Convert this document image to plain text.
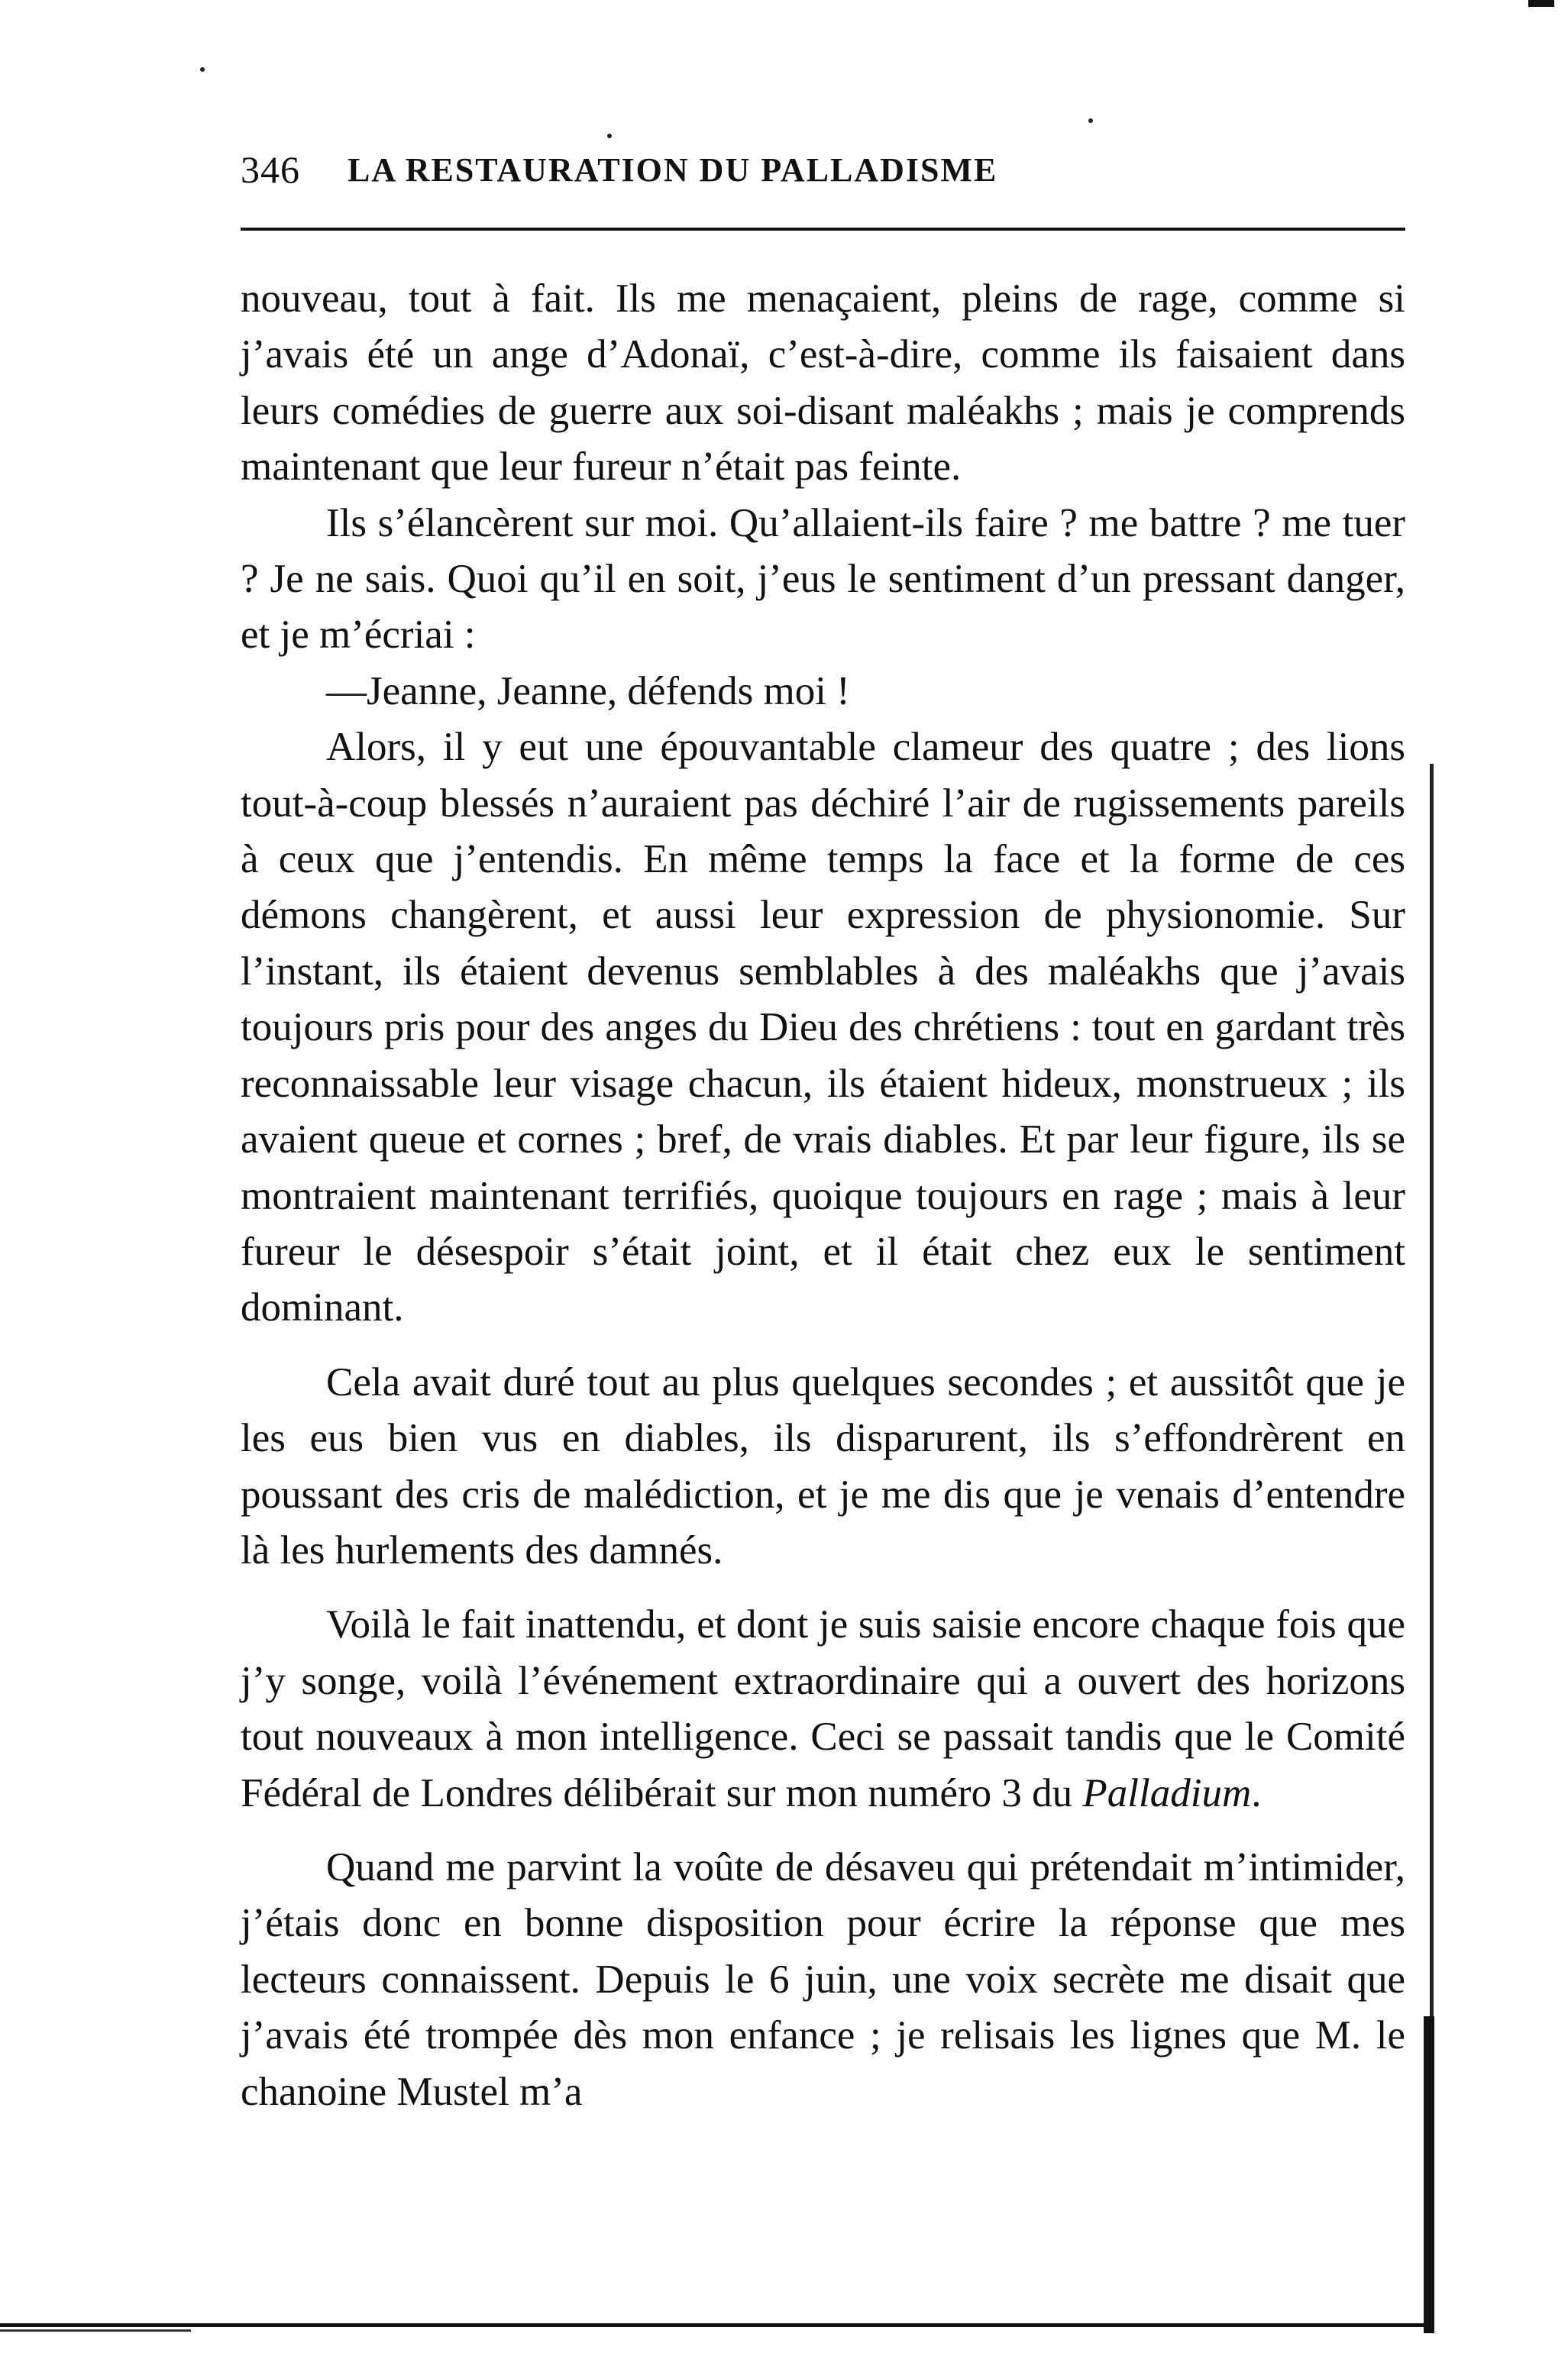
346 LA RESTAURATION DU PALLADISME

nouveau, tout à fait. Ils me menaçaient, pleins de rage, comme si j’avais été un ange d’Adonaï, c’est-à-dire, comme ils faisaient dans leurs comédies de guerre aux soi-disant maléakhs ; mais je comprends maintenant que leur fureur n’était pas feinte.

Ils s’élancèrent sur moi. Qu’allaient-ils faire ? me battre ? me tuer ? Je ne sais. Quoi qu’il en soit, j’eus le sentiment d’un pressant danger, et je m’écriai :

—Jeanne, Jeanne, défends moi !

Alors, il y eut une épouvantable clameur des quatre ; des lions tout-à-coup blessés n’auraient pas déchiré l’air de rugissements pareils à ceux que j’entendis. En même temps la face et la forme de ces démons changèrent, et aussi leur expression de physionomie. Sur l’instant, ils étaient devenus semblables à des maléakhs que j’avais toujours pris pour des anges du Dieu des chrétiens : tout en gardant très reconnaissable leur visage chacun, ils étaient hideux, monstrueux ; ils avaient queue et cornes ; bref, de vrais diables. Et par leur figure, ils se montraient maintenant terrifiés, quoique toujours en rage ; mais à leur fureur le désespoir s’était joint, et il était chez eux le sentiment dominant.

Cela avait duré tout au plus quelques secondes ; et aussitôt que je les eus bien vus en diables, ils disparurent, ils s’effondrèrent en poussant des cris de malédiction, et je me dis que je venais d’entendre là les hurlements des damnés.

Voilà le fait inattendu, et dont je suis saisie encore chaque fois que j’y songe, voilà l’événement extraordinaire qui a ouvert des horizons tout nouveaux à mon intelligence. Ceci se passait tandis que le Comité Fédéral de Londres délibérait sur mon numéro 3 du Palladium.

Quand me parvint la voûte de désaveu qui prétendait m’intimider, j’étais donc en bonne disposition pour écrire la réponse que mes lecteurs connaissent. Depuis le 6 juin, une voix secrète me disait que j’avais été trompée dès mon enfance ; je relisais les lignes que M. le chanoine Mustel m’a
